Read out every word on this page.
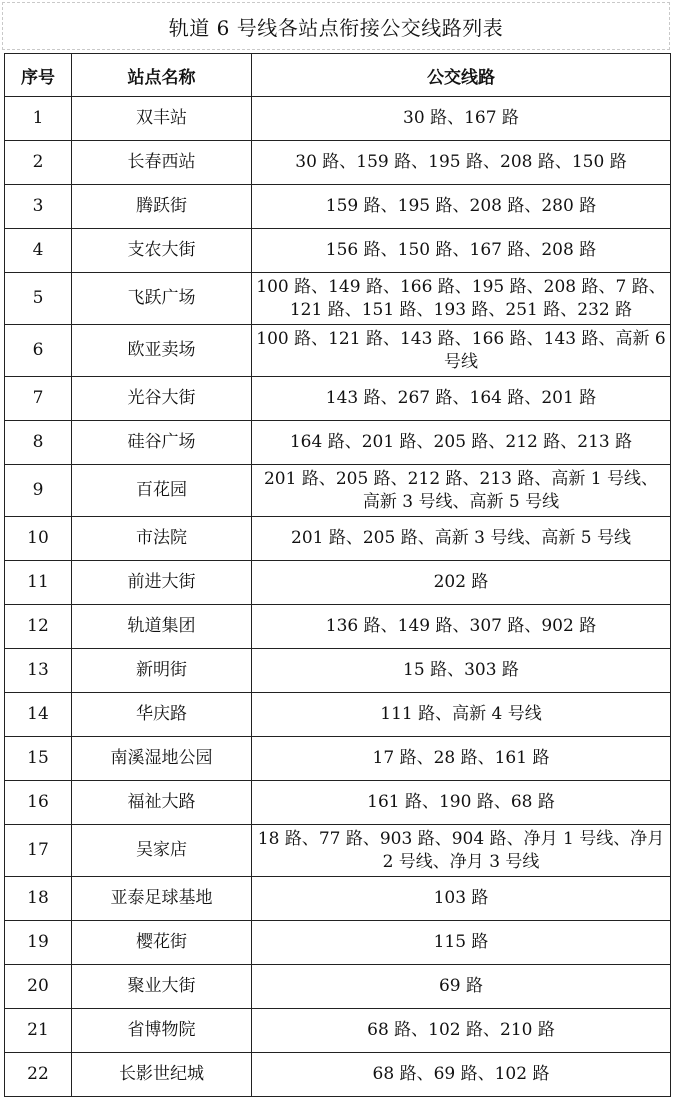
轨道 6 号线各站点衔接公交线路列表
序号	站点名称	公交线路
1	双丰站	30 路、167 路
2	长春西站	30 路、159 路、195 路、208 路、150 路
3	腾跃街	159 路、195 路、208 路、280 路
4	支农大街	156 路、150 路、167 路、208 路
5	飞跃广场	100 路、149 路、166 路、195 路、208 路、7 路、121 路、151 路、193 路、251 路、232 路
6	欧亚卖场	100 路、121 路、143 路、166 路、143 路、高新 6 号线
7	光谷大街	143 路、267 路、164 路、201 路
8	硅谷广场	164 路、201 路、205 路、212 路、213 路
9	百花园	201 路、205 路、212 路、213 路、高新 1 号线、高新 3 号线、高新 5 号线
10	市法院	201 路、205 路、高新 3 号线、高新 5 号线
11	前进大街	202 路
12	轨道集团	136 路、149 路、307 路、902 路
13	新明街	15 路、303 路
14	华庆路	111 路、高新 4 号线
15	南溪湿地公园	17 路、28 路、161 路
16	福祉大路	161 路、190 路、68 路
17	吴家店	18 路、77 路、903 路、904 路、净月 1 号线、净月 2 号线、净月 3 号线
18	亚泰足球基地	103 路
19	樱花街	115 路
20	聚业大街	69 路
21	省博物院	68 路、102 路、210 路
22	长影世纪城	68 路、69 路、102 路
